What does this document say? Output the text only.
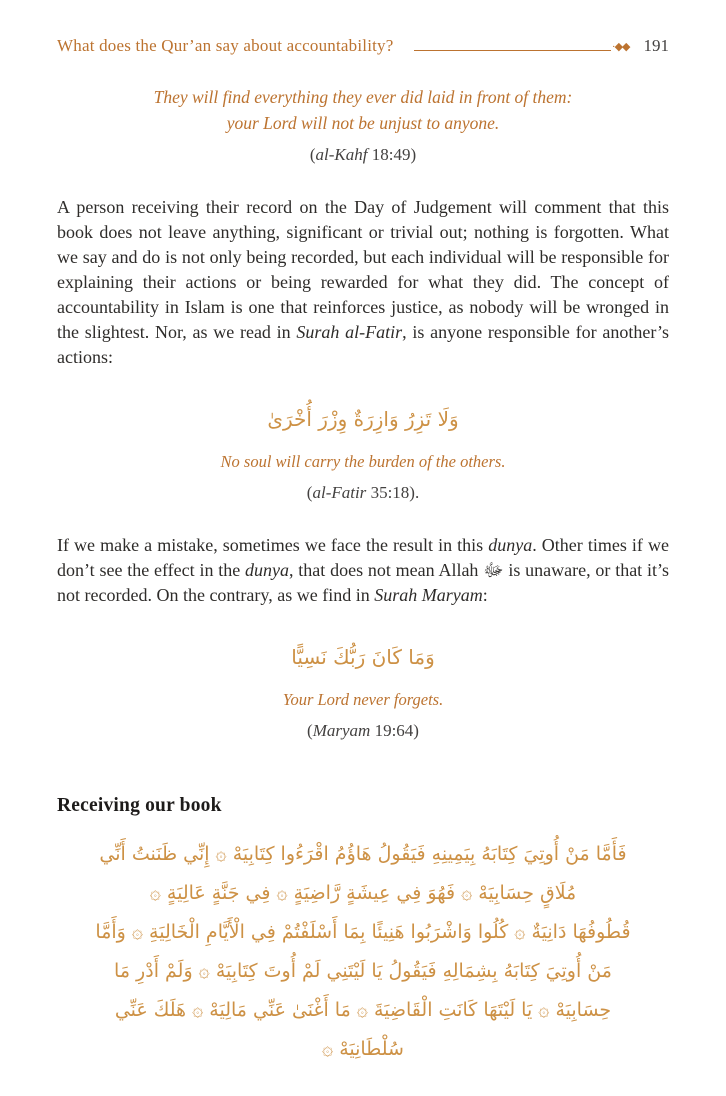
What does the Qur’an say about accountability?	·◆◆ 191
They will find everything they ever did laid in front of them:
your Lord will not be unjust to anyone.
(al-Kahf 18:49)

A person receiving their record on the Day of Judgement will comment that this book does not leave anything, significant or trivial out; nothing is forgotten. What we say and do is not only being recorded, but each individual will be responsible for explaining their actions or being rewarded for what they did. The concept of accountability in Islam is one that reinforces justice, as nobody will be wronged in the slightest. Nor, as we read in Surah al-Fatir, is anyone responsible for another’s actions:

وَلَا تَزِرُ وَازِرَةٌ وِزْرَ أُخْرَىٰ
No soul will carry the burden of the others.
(al-Fatir 35:18).

If we make a mistake, sometimes we face the result in this dunya. Other times if we don’t see the effect in the dunya, that does not mean Allah ﷻ is unaware, or that it’s not recorded. On the contrary, as we find in Surah Maryam:

وَمَا كَانَ رَبُّكَ نَسِيًّا
Your Lord never forgets.
(Maryam 19:64)
Receiving our book
فَأَمَّا مَنْ أُوتِيَ كِتَابَهُ بِيَمِينِهِ فَيَقُولُ هَاؤُمُ اقْرَءُوا كِتَابِيَهْ ۞ إِنِّي ظَنَنتُ أَنِّي
مُلَاقٍ حِسَابِيَهْ ۞ فَهُوَ فِي عِيشَةٍ رَّاضِيَةٍ ۞ فِي جَنَّةٍ عَالِيَةٍ ۞
قُطُوفُهَا دَانِيَةٌ ۞ كُلُوا وَاشْرَبُوا هَنِيئًا بِمَا أَسْلَفْتُمْ فِي الْأَيَّامِ الْخَالِيَةِ ۞ وَأَمَّا
مَنْ أُوتِيَ كِتَابَهُ بِشِمَالِهِ فَيَقُولُ يَا لَيْتَنِي لَمْ أُوتَ كِتَابِيَهْ ۞ وَلَمْ أَدْرِ مَا
حِسَابِيَهْ ۞ يَا لَيْتَهَا كَانَتِ الْقَاضِيَةَ ۞ مَا أَغْنَىٰ عَنِّي مَالِيَهْ ۞ هَلَكَ عَنِّي
سُلْطَانِيَهْ ۞
